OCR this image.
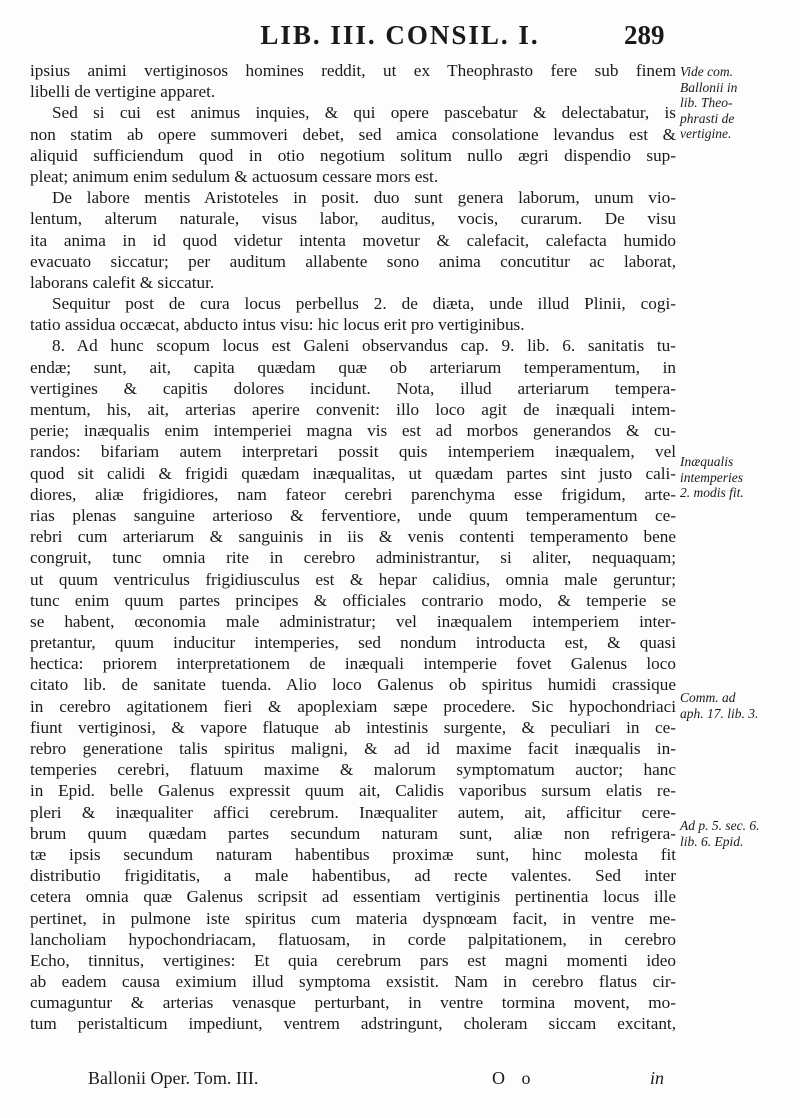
LIB. III. CONSIL. I.	289
ipsius animi vertiginosos homines reddit, ut ex Theophrasto fere sub finem
libelli de vertigine apparet.
Sed si cui est animus inquies, & qui opere pascebatur & delectabatur, is
non statim ab opere summoveri debet, sed amica consolatione levandus est &
aliquid sufficiendum quod in otio negotium solitum nullo ægri dispendio sup-
pleat; animum enim sedulum & actuosum cessare mors est.
De labore mentis Aristoteles in posit. duo sunt genera laborum, unum vio-
lentum, alterum naturale, visus labor, auditus, vocis, curarum. De visu
ita anima in id quod videtur intenta movetur & calefacit, calefacta humido
evacuato siccatur; per auditum allabente sono anima concutitur ac laborat,
laborans calefit & siccatur.
Sequitur post de cura locus perbellus 2. de diæta, unde illud Plinii, cogi-
tatio assidua occæcat, abducto intus visu: hic locus erit pro vertiginibus.
8. Ad hunc scopum locus est Galeni observandus cap. 9. lib. 6. sanitatis tu-
endæ; sunt, ait, capita quædam quæ ob arteriarum temperamentum, in
vertigines & capitis dolores incidunt. Nota, illud arteriarum tempera-
mentum, his, ait, arterias aperire convenit: illo loco agit de inæquali intem-
perie; inæqualis enim intemperiei magna vis est ad morbos generandos & cu-
randos: bifariam autem interpretari possit quis intemperiem inæqualem, vel
quod sit calidi & frigidi quædam inæqualitas, ut quædam partes sint justo cali-
diores, aliæ frigidiores, nam fateor cerebri parenchyma esse frigidum, arte-
rias plenas sanguine arterioso & ferventiore, unde quum temperamentum ce-
rebri cum arteriarum & sanguinis in iis & venis contenti temperamento bene
congruit, tunc omnia rite in cerebro administrantur, si aliter, nequaquam;
ut quum ventriculus frigidiusculus est & hepar calidius, omnia male geruntur;
tunc enim quum partes principes & officiales contrario modo, & temperie se
se habent, œconomia male administratur; vel inæqualem intemperiem inter-
pretantur, quum inducitur intemperies, sed nondum introducta est, & quasi
hectica: priorem interpretationem de inæquali intemperie fovet Galenus loco
citato lib. de sanitate tuenda. Alio loco Galenus ob spiritus humidi crassique
in cerebro agitationem fieri & apoplexiam sæpe procedere. Sic hypochondriaci
fiunt vertiginosi, & vapore flatuque ab intestinis surgente, & peculiari in ce-
rebro generatione talis spiritus maligni, & ad id maxime facit inæqualis in-
temperies cerebri, flatuum maxime & malorum symptomatum auctor; hanc
in Epid. belle Galenus expressit quum ait, Calidis vaporibus sursum elatis re-
pleri & inæqualiter affici cerebrum. Inæqualiter autem, ait, afficitur cere-
brum quum quædam partes secundum naturam sunt, aliæ non refrigera-
tæ ipsis secundum naturam habentibus proximæ sunt, hinc molesta fit
distributio frigiditatis, a male habentibus, ad recte valentes. Sed inter
cetera omnia quæ Galenus scripsit ad essentiam vertiginis pertinentia locus ille
pertinet, in pulmone iste spiritus cum materia dyspnœam facit, in ventre me-
lancholiam hypochondriacam, flatuosam, in corde palpitationem, in cerebro
Echo, tinnitus, vertigines: Et quia cerebrum pars est magni momenti ideo
ab eadem causa eximium illud symptoma exsistit. Nam in cerebro flatus cir-
cumaguntur & arterias venasque perturbant, in ventre tormina movent, mo-
tum peristalticum impediunt, ventrem adstringunt, choleram siccam excitant,
Vide com.
Ballonii in
lib. Theo-
phrasti de
vertigine.
Inæqualis
intemperies
2. modis fit.
Comm. ad
aph. 17. lib. 3.
Ad p. 5. sec. 6.
lib. 6. Epid.
Ballonii Oper. Tom. III.	O o	in
